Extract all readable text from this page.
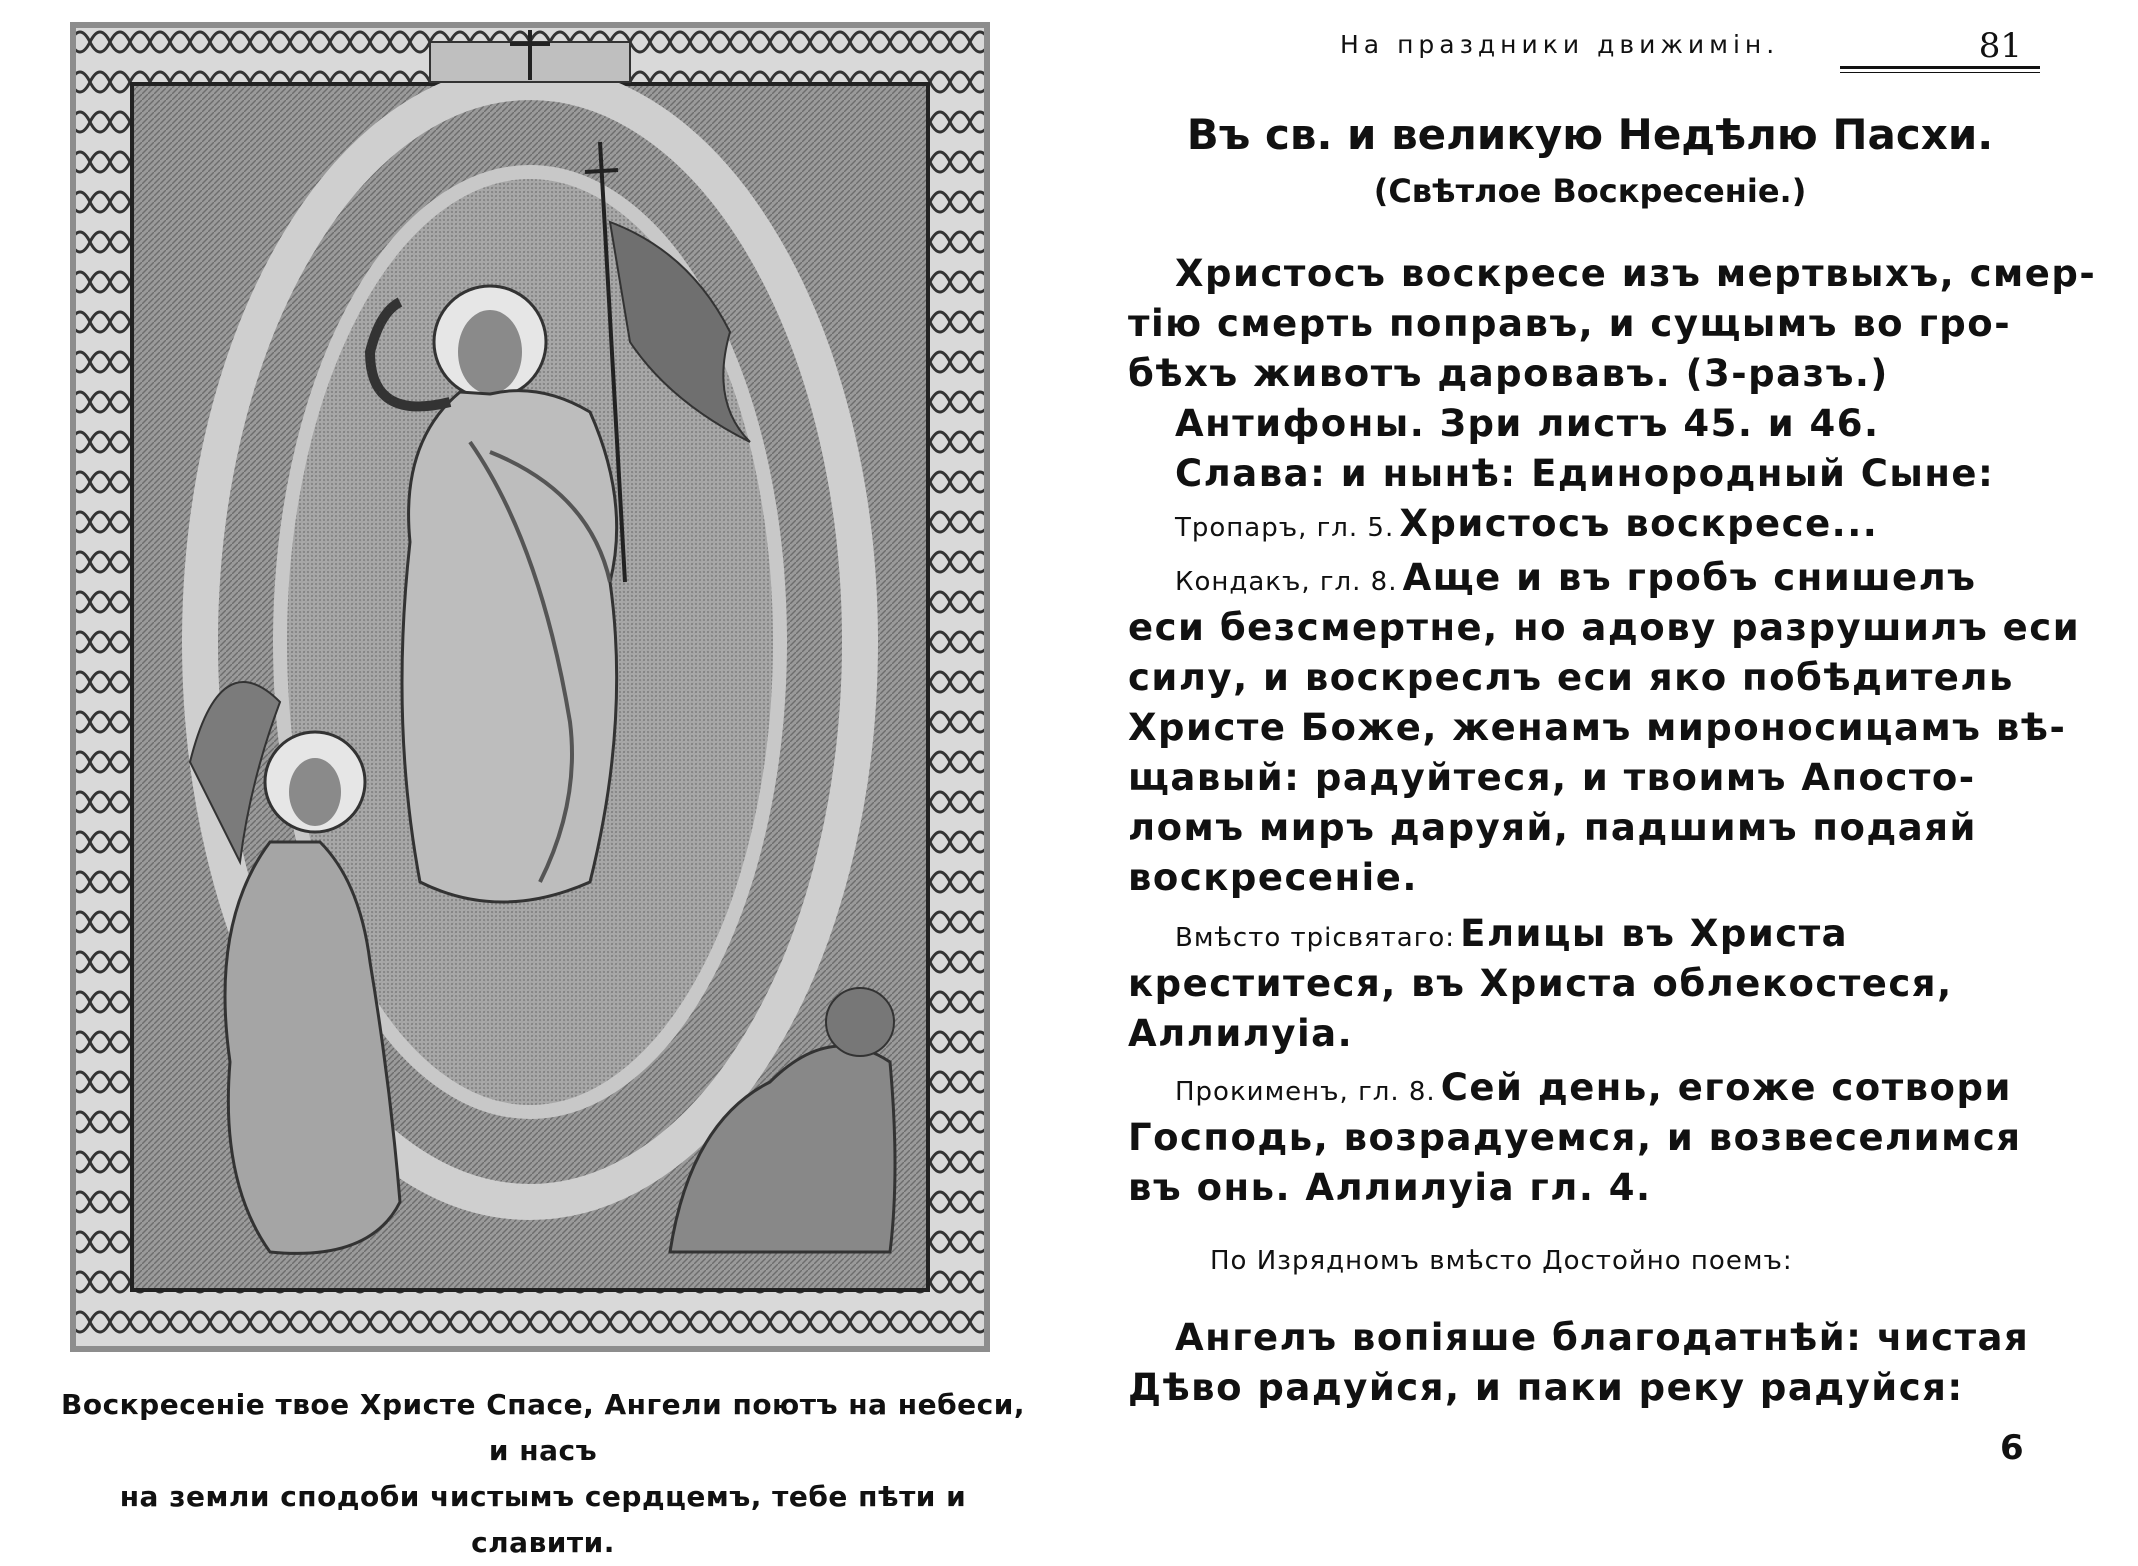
Воскресеніе твое Христе Спасе, Ангели поютъ на небеси, и насъ
на земли сподоби чистымъ сердцемъ, тебе пѣти и славити.
На праздники движимін.	81
Въ св. и великую Недѣлю Пасхи.
(Свѣтлое Воскресеніе.)
Христосъ воскресе изъ мертвыхъ, смер-
тію смерть поправъ, и сущымъ во гро-
бѣхъ животъ даровавъ. (3-разъ.)
Антифоны. Зри листъ 45. и 46.
Слава: и нынѣ: Единородный Сыне:
Тропаръ, гл. 5. Христосъ воскресе...
Кондакъ, гл. 8. Аще и въ гробъ снишелъ
еси безсмертне, но адову разрушилъ еси
силу, и воскреслъ еси яко побѣдитель
Христе Боже, женамъ мироносицамъ вѣ-
щавый: радуйтеся, и твоимъ Апосто-
ломъ миръ даруяй, падшимъ подаяй
воскресеніе.
Вмѣсто трісвятаго: Елицы въ Христа
креститеся, въ Христа облекостеся,
Аллилуіа.
Прокименъ, гл. 8. Сей день, егоже сотвори
Господь, возрадуемся, и возвеселимся
въ онь. Аллилуіа гл. 4.
По Изрядномъ вмѣсто Достойно поемъ:
Ангелъ вопіяше благодатнѣй: чистая
Дѣво радуйся, и паки реку радуйся:
6
